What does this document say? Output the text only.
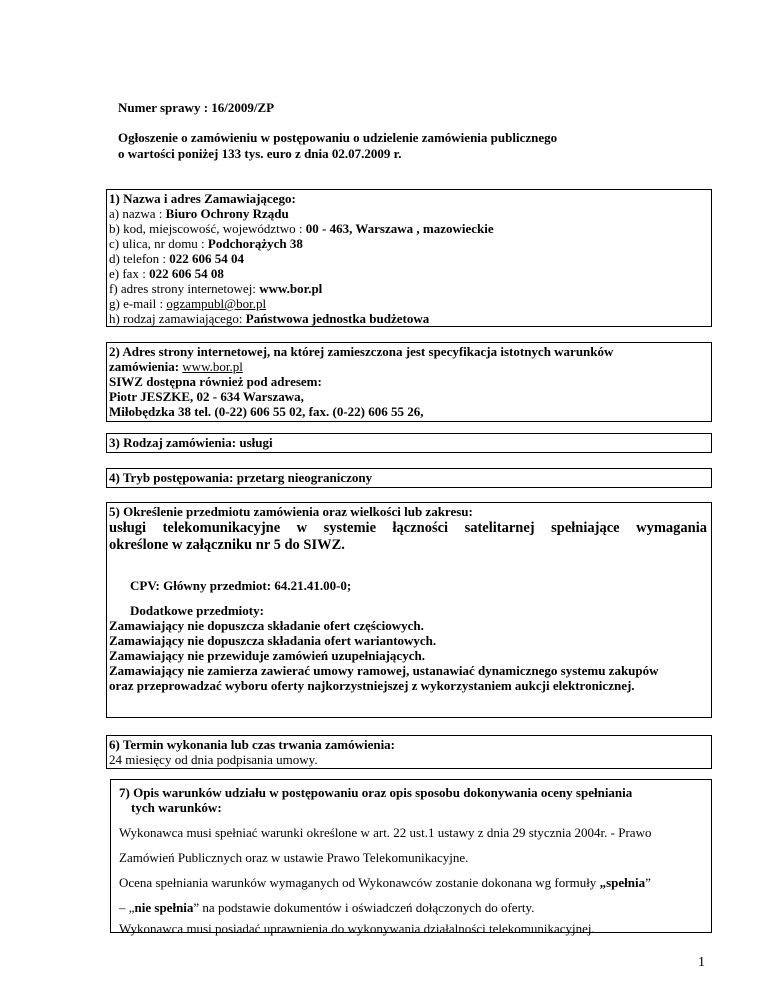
Numer sprawy : 16/2009/ZP
Ogłoszenie o zamówieniu w postępowaniu o udzielenie zamówienia publicznego
o wartości poniżej 133 tys. euro z dnia 02.07.2009 r.
1) Nazwa i adres Zamawiającego:
a) nazwa : Biuro Ochrony Rządu
b) kod, miejscowość, województwo : 00 - 463, Warszawa , mazowieckie
c) ulica, nr domu : Podchorążych 38
d) telefon : 022 606 54 04
e) fax : 022 606 54 08
f) adres strony internetowej: www.bor.pl
g) e-mail : ogzampubl@bor.pl
h) rodzaj zamawiającego: Państwowa jednostka budżetowa
2) Adres strony internetowej, na której zamieszczona jest specyfikacja istotnych warunków
zamówienia: www.bor.pl
SIWZ dostępna również pod adresem:
Piotr JESZKE, 02 - 634 Warszawa,
Miłobędzka 38 tel. (0-22) 606 55 02, fax. (0-22) 606 55 26,
3) Rodzaj zamówienia: usługi
4) Tryb postępowania: przetarg nieograniczony
5) Określenie przedmiotu zamówienia oraz wielkości lub zakresu:
usługi telekomunikacyjne w systemie łączności satelitarnej spełniające wymagania
określone w załączniku nr 5 do SIWZ.
CPV: Główny przedmiot: 64.21.41.00-0;
Dodatkowe przedmioty:
Zamawiający nie dopuszcza składanie ofert częściowych.
Zamawiający nie dopuszcza składania ofert wariantowych.
Zamawiający nie przewiduje zamówień uzupełniających.
Zamawiający nie zamierza zawierać umowy ramowej, ustanawiać dynamicznego systemu zakupów
oraz przeprowadzać wyboru oferty najkorzystniejszej z wykorzystaniem aukcji elektronicznej.
6) Termin wykonania lub czas trwania zamówienia:
24 miesięcy od dnia podpisania umowy.
7) Opis warunków udziału w postępowaniu oraz opis sposobu dokonywania oceny spełniania
tych warunków:
Wykonawca musi spełniać warunki określone w art. 22 ust.1 ustawy z dnia 29 stycznia 2004r. - Prawo
Zamówień Publicznych oraz w ustawie Prawo Telekomunikacyjne.
Ocena spełniania warunków wymaganych od Wykonawców zostanie dokonana wg formuły „spełnia”
– „nie spełnia” na podstawie dokumentów i oświadczeń dołączonych do oferty.
Wykonawca musi posiadać uprawnienia do wykonywania działalności telekomunikacyjnej.
1
